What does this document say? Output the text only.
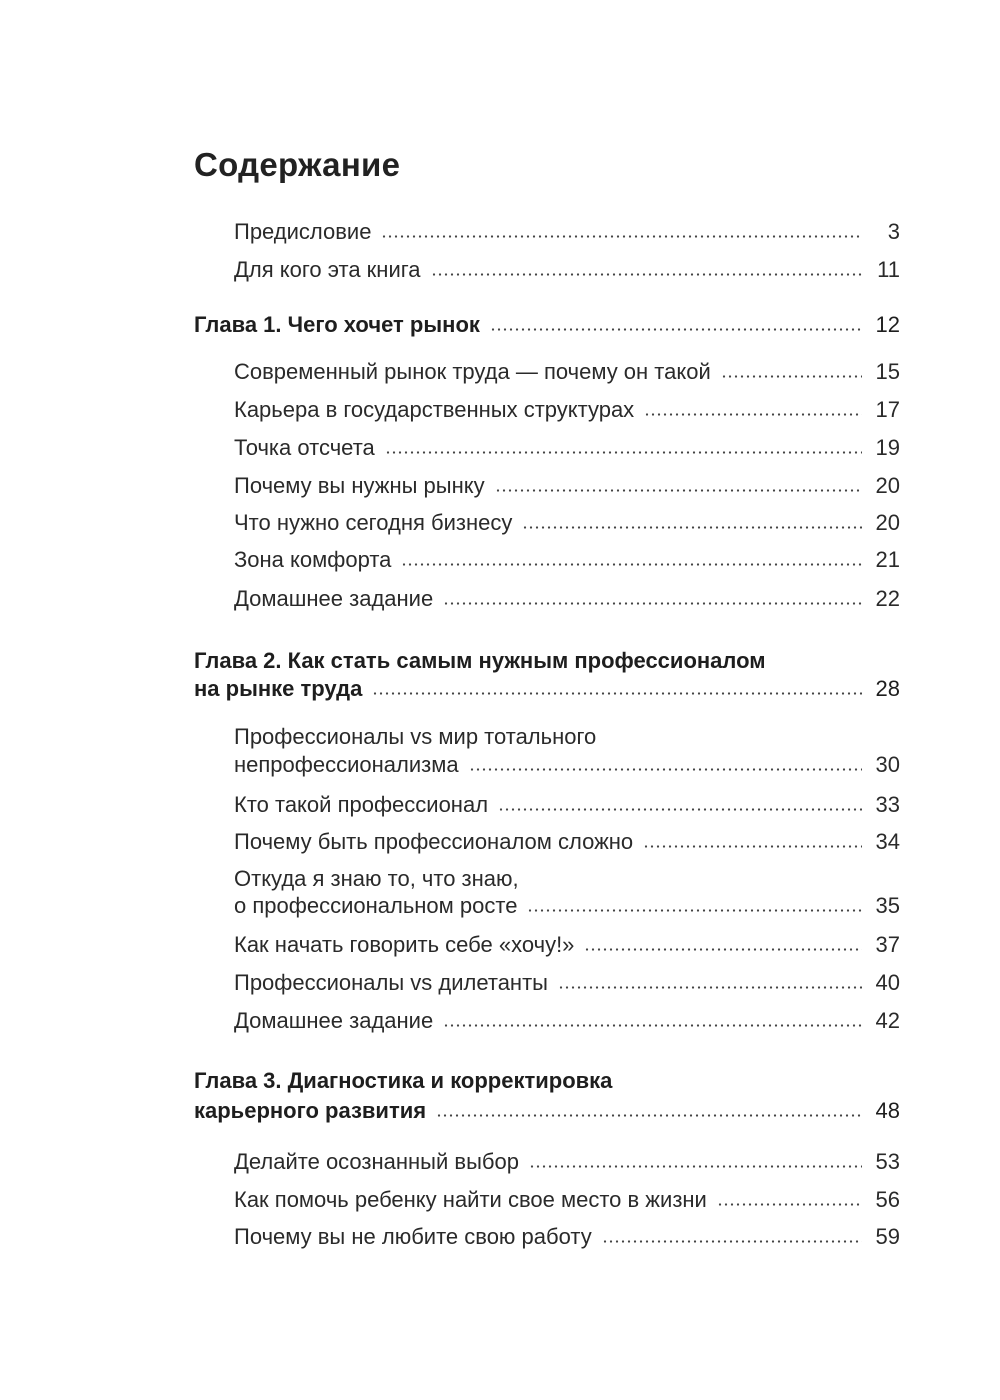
Содержание
Предисловие	3
Для кого эта книга	11
Глава 1. Чего хочет рынок	12
Современный рынок труда — почему он такой	15
Карьера в государственных структурах	17
Точка отсчета	19
Почему вы нужны рынку	20
Что нужно сегодня бизнесу	20
Зона комфорта	21
Домашнее задание	22
Глава 2. Как стать самым нужным профессионалом
на рынке труда	28
Профессионалы vs мир тотального
непрофессионализма	30
Кто такой профессионал	33
Почему быть профессионалом сложно	34
Откуда я знаю то, что знаю,
о профессиональном росте	35
Как начать говорить себе «хочу!»	37
Профессионалы vs дилетанты	40
Домашнее задание	42
Глава 3. Диагностика и корректировка
карьерного развития	48
Делайте осознанный выбор	53
Как помочь ребенку найти свое место в жизни	56
Почему вы не любите свою работу	59
